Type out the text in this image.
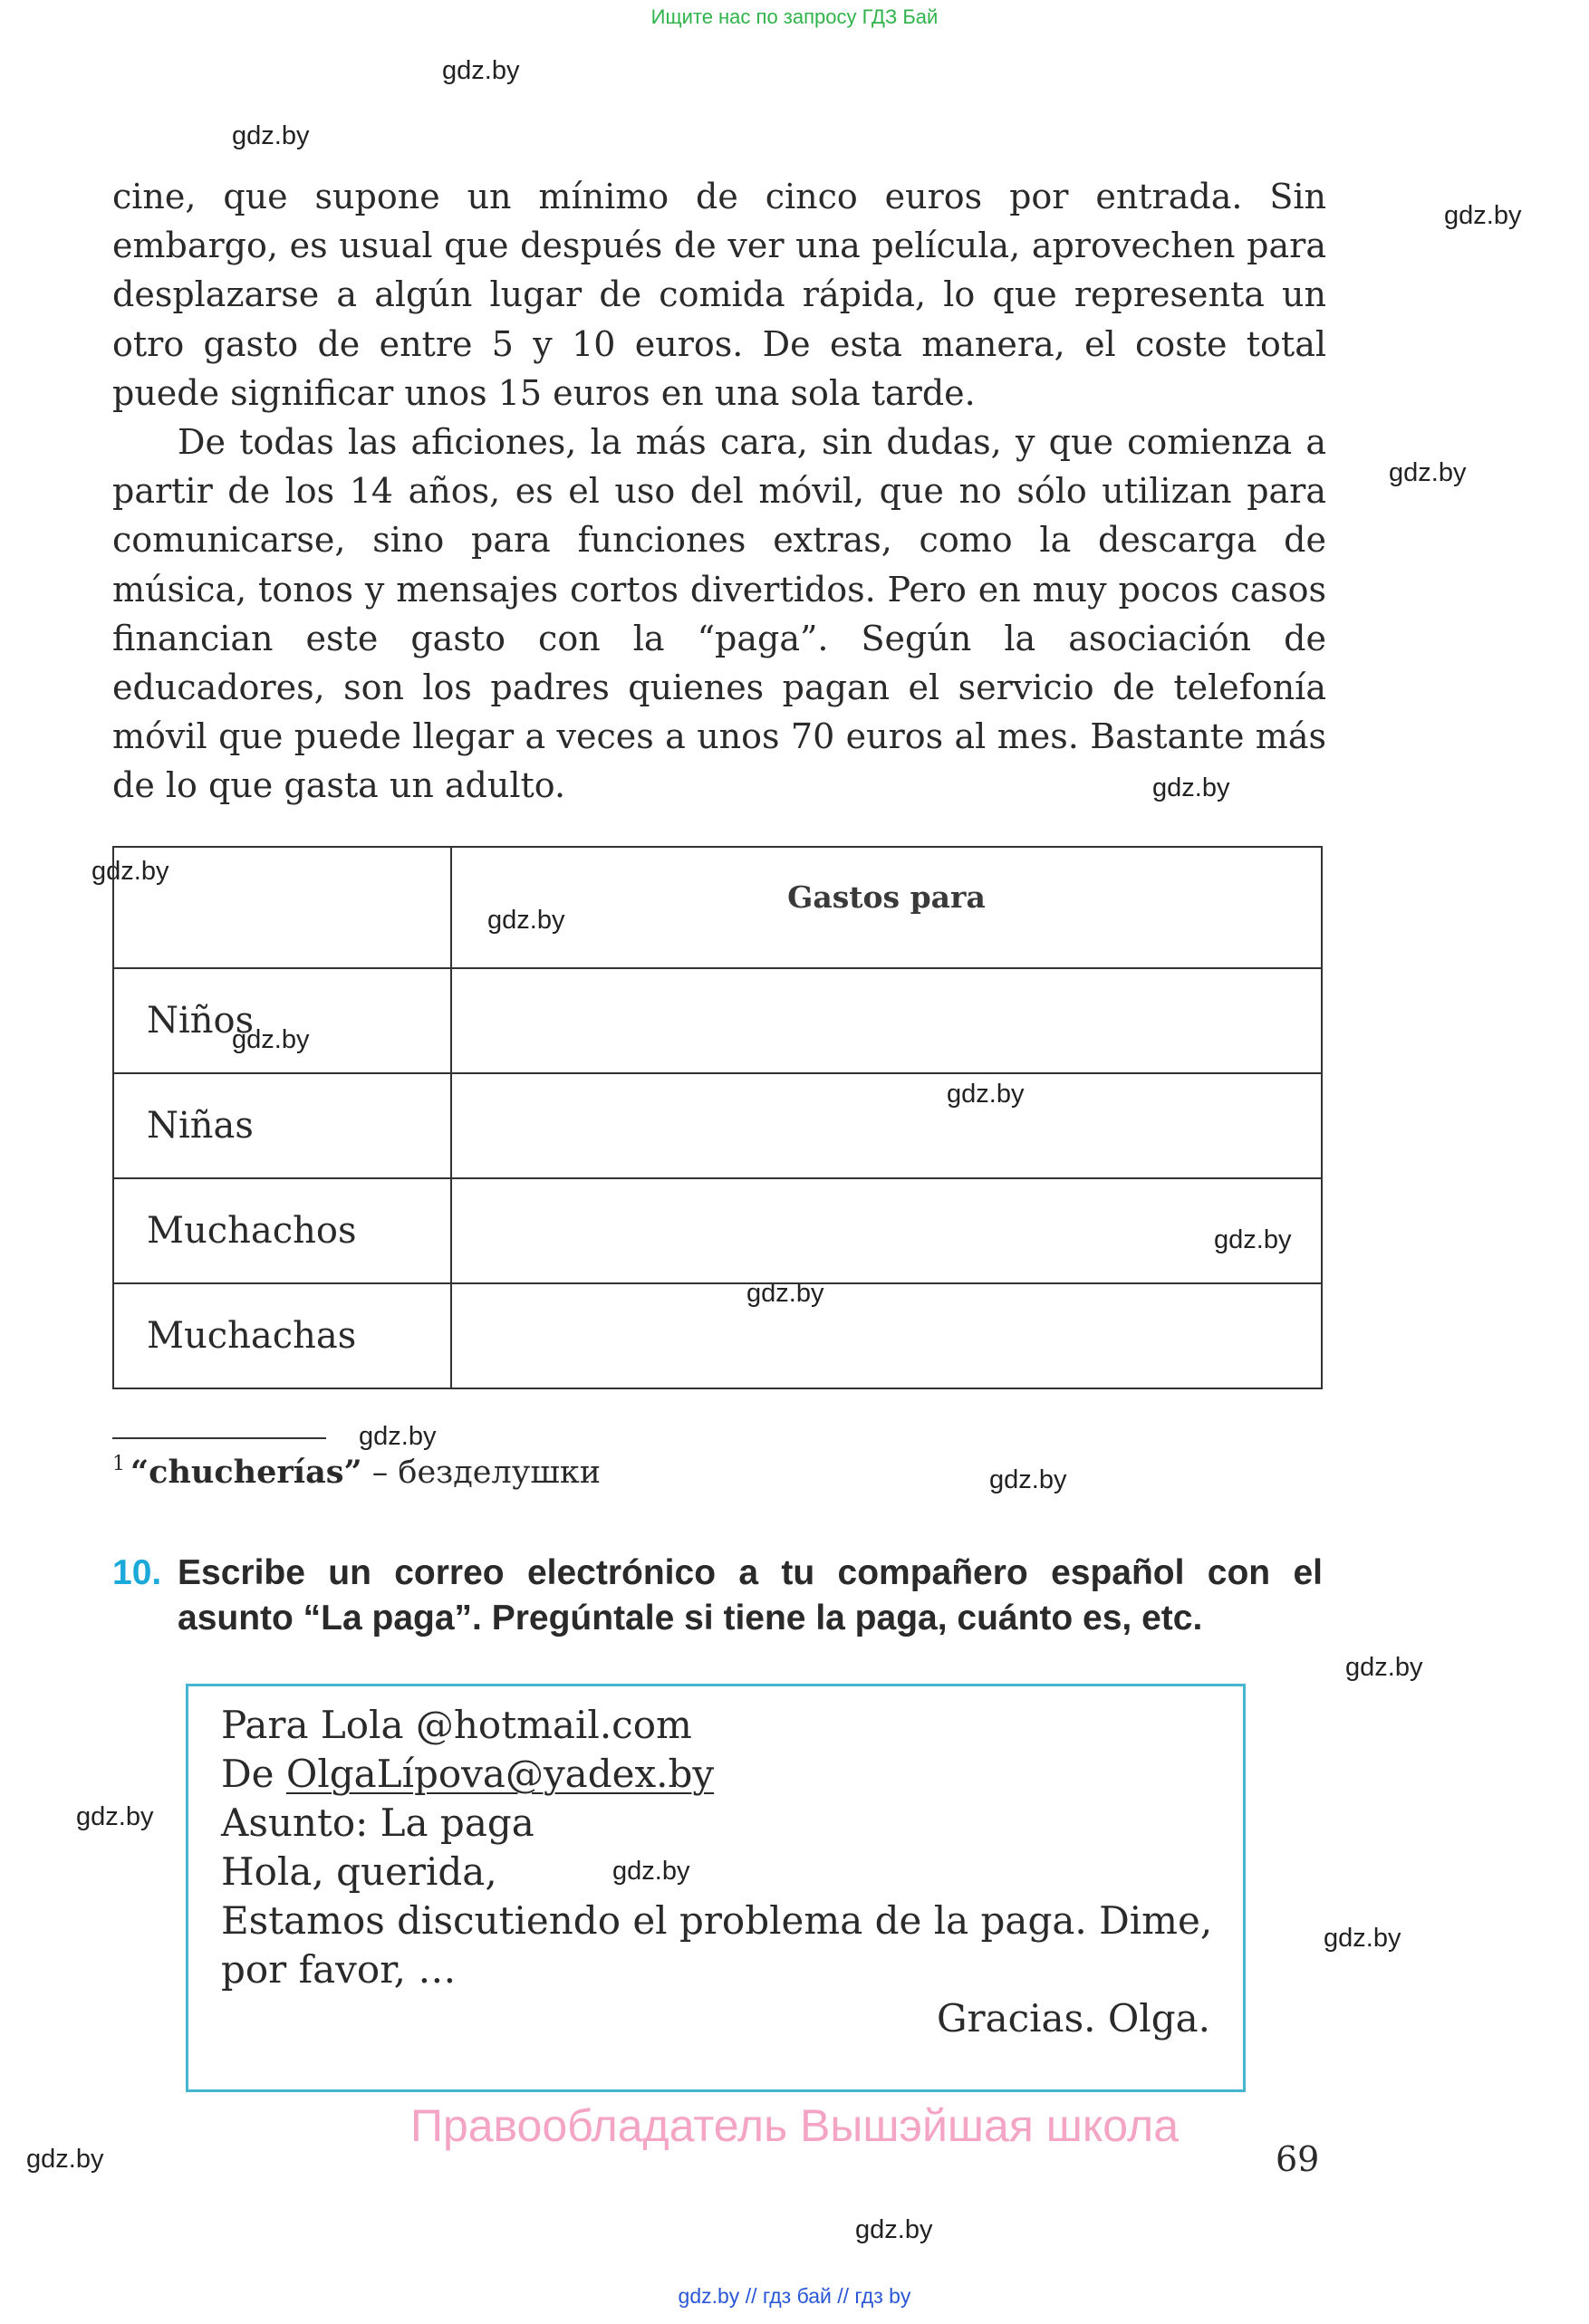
Ищите нас по запросу ГДЗ Бай
gdz.by
gdz.by
gdz.by
gdz.by
gdz.by
gdz.by
gdz.by
gdz.by
gdz.by
gdz.by
gdz.by
gdz.by
gdz.by
gdz.by
gdz.by
gdz.by
gdz.by
gdz.by
gdz.by

cine, que supone un mínimo de cinco euros por entrada. Sin embargo, es usual que después de ver una película, aprovechen para desplazarse a algún lugar de comida rápida, lo que representa un otro gasto de entre 5 y 10 euros. De esta manera, el coste total puede significar unos 15 euros en una sola tarde.

De todas las aficiones, la más cara, sin dudas, y que comienza a partir de los 14 años, es el uso del móvil, que no sólo utilizan para comunicarse, sino para funciones extras, como la descarga de música, tonos y mensajes cortos divertidos. Pero en muy pocos casos financian este gasto con la “paga”. Según la asociación de educadores, son los padres quienes pagan el servicio de telefonía móvil que puede llegar a veces a unos 70 euros al mes. Bastante más de lo que gasta un adulto.

	Gastos para
Niños	
Niñas	
Muchachos	
Muchachas	
$^1$ “chucherías” – безделушки
10. Escribe un correo electrónico a tu compañero español con el asunto “La paga”. Pregúntale si tiene la paga, cuánto es, etc.
Para Lola @hotmail.com
De OlgaLípova@yadex.by
Asunto: La paga
Hola, querida,
Estamos discutiendo el problema de la paga. Dime,
por favor, …
Gracias. Olga.
Правообладатель Вышэйшая школа
69
gdz.by // гдз бай // гдз by
